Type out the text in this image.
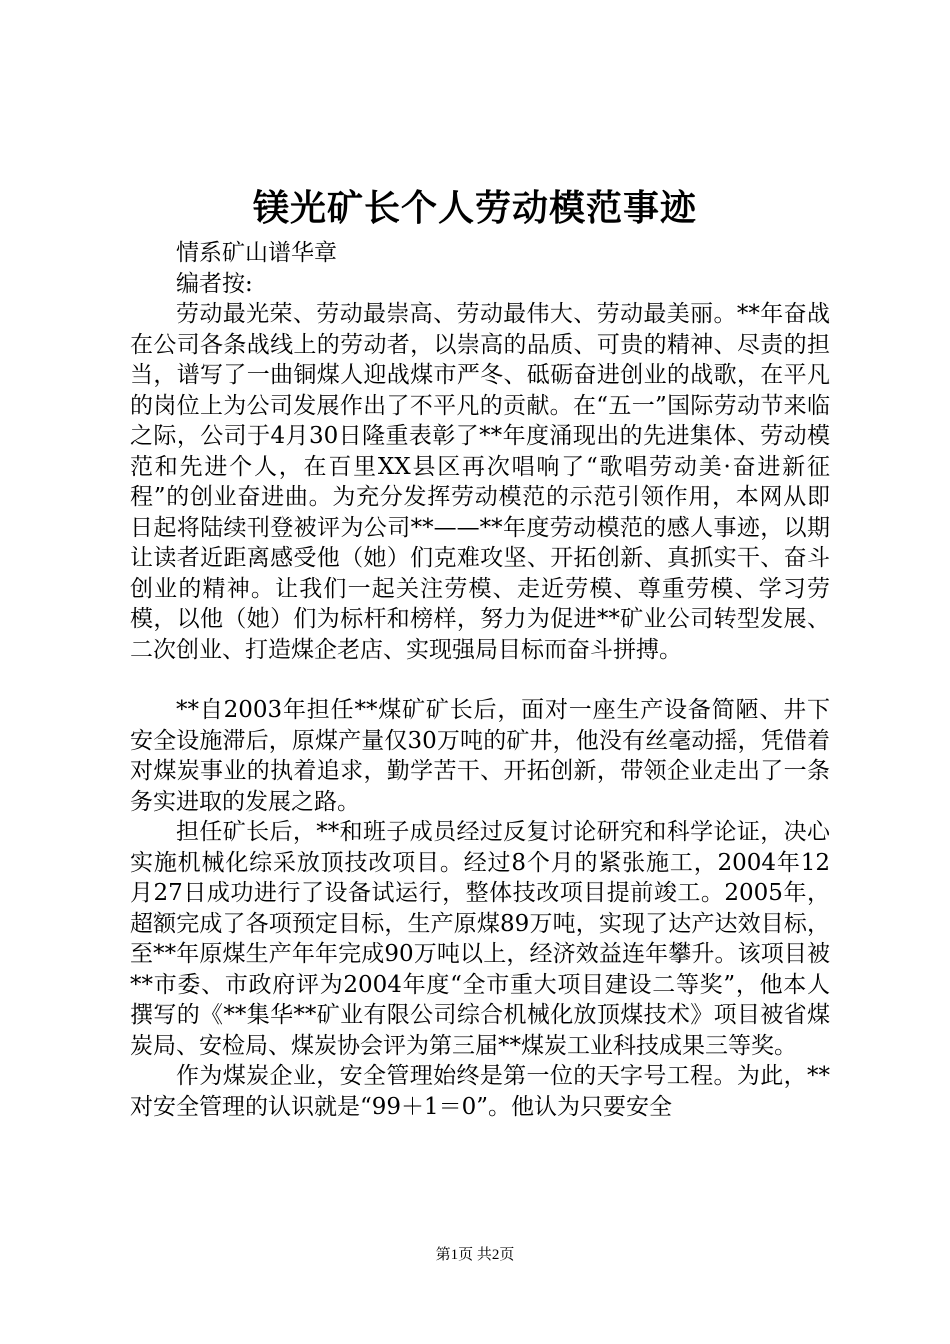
镁光矿长个人劳动模范事迹

情系矿山谱华章

编者按:

劳动最光荣、劳动最崇高、劳动最伟大、劳动最美丽。**年奋战在公司各条战线上的劳动者，以崇高的品质、可贵的精神、尽责的担当，谱写了一曲铜煤人迎战煤市严冬、砥砺奋进创业的战歌，在平凡的岗位上为公司发展作出了不平凡的贡献。在“五一”国际劳动节来临之际，公司于4月30日隆重表彰了**年度涌现出的先进集体、劳动模范和先进个人，在百里XX县区再次唱响了“歌唱劳动美·奋进新征程”的创业奋进曲。为充分发挥劳动模范的示范引领作用，本网从即日起将陆续刊登被评为公司**——**年度劳动模范的感人事迹，以期让读者近距离感受他（她）们克难攻坚、开拓创新、真抓实干、奋斗创业的精神。让我们一起关注劳模、走近劳模、尊重劳模、学习劳模，以他（她）们为标杆和榜样，努力为促进**矿业公司转型发展、二次创业、打造煤企老店、实现强局目标而奋斗拼搏。

**自2003年担任**煤矿矿长后，面对一座生产设备简陋、井下安全设施滞后，原煤产量仅30万吨的矿井，他没有丝毫动摇，凭借着对煤炭事业的执着追求，勤学苦干、开拓创新，带领企业走出了一条务实进取的发展之路。

担任矿长后，**和班子成员经过反复讨论研究和科学论证，决心实施机械化综采放顶技改项目。经过8个月的紧张施工，2004年12月27日成功进行了设备试运行，整体技改项目提前竣工。2005年，超额完成了各项预定目标，生产原煤89万吨，实现了达产达效目标，至**年原煤生产年年完成90万吨以上，经济效益连年攀升。该项目被**市委、市政府评为2004年度“全市重大项目建设二等奖”，他本人撰写的《**集华**矿业有限公司综合机械化放顶煤技术》项目被省煤炭局、安检局、煤炭协会评为第三届**煤炭工业科技成果三等奖。

作为煤炭企业，安全管理始终是第一位的天字号工程。为此，**对安全管理的认识就是“99＋1＝0”。他认为只要安全

第1页 共2页
